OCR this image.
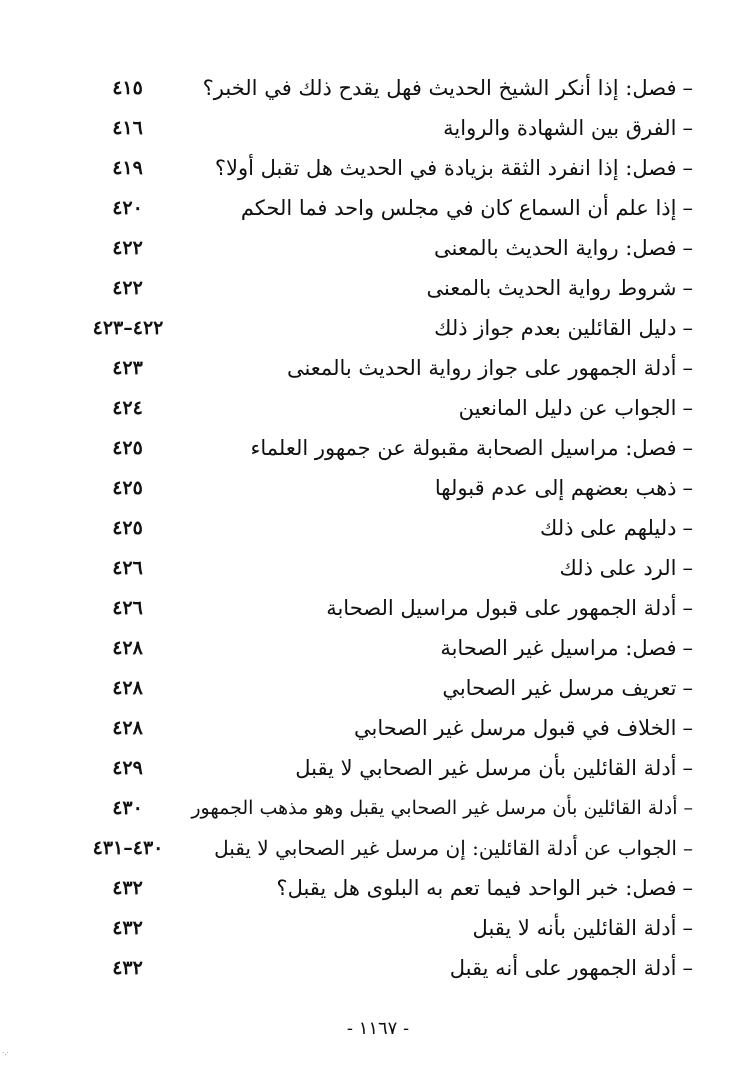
–فصل: إذا أنكر الشيخ الحديث فهل يقدح ذلك في الخبر؟
٤١٥
–الفرق بين الشهادة والرواية
٤١٦
–فصل: إذا انفرد الثقة بزيادة في الحديث هل تقبل أولا؟
٤١٩
–إذا علم أن السماع كان في مجلس واحد فما الحكم
٤٢٠
–فصل: رواية الحديث بالمعنى
٤٢٢
–شروط رواية الحديث بالمعنى
٤٢٢
–دليل القائلين بعدم جواز ذلك
٤٢٢–٤٢٣
–أدلة الجمهور على جواز رواية الحديث بالمعنى
٤٢٣
–الجواب عن دليل المانعين
٤٢٤
–فصل: مراسيل الصحابة مقبولة عن جمهور العلماء
٤٢٥
–ذهب بعضهم إلى عدم قبولها
٤٢٥
–دليلهم على ذلك
٤٢٥
–الرد على ذلك
٤٢٦
–أدلة الجمهور على قبول مراسيل الصحابة
٤٢٦
–فصل: مراسيل غير الصحابة
٤٢٨
–تعريف مرسل غير الصحابي
٤٢٨
–الخلاف في قبول مرسل غير الصحابي
٤٢٨
–أدلة القائلين بأن مرسل غير الصحابي لا يقبل
٤٢٩
–أدلة القائلين بأن مرسل غير الصحابي يقبل وهو مذهب الجمهور
٤٣٠
–الجواب عن أدلة القائلين: إن مرسل غير الصحابي لا يقبل
٤٣٠–٤٣١
–فصل: خبر الواحد فيما تعم به البلوى هل يقبل؟
٤٣٢
–أدلة القائلين بأنه لا يقبل
٤٣٢
–أدلة الجمهور على أنه يقبل
٤٣٢
- ١١٦٧ -
·.·
